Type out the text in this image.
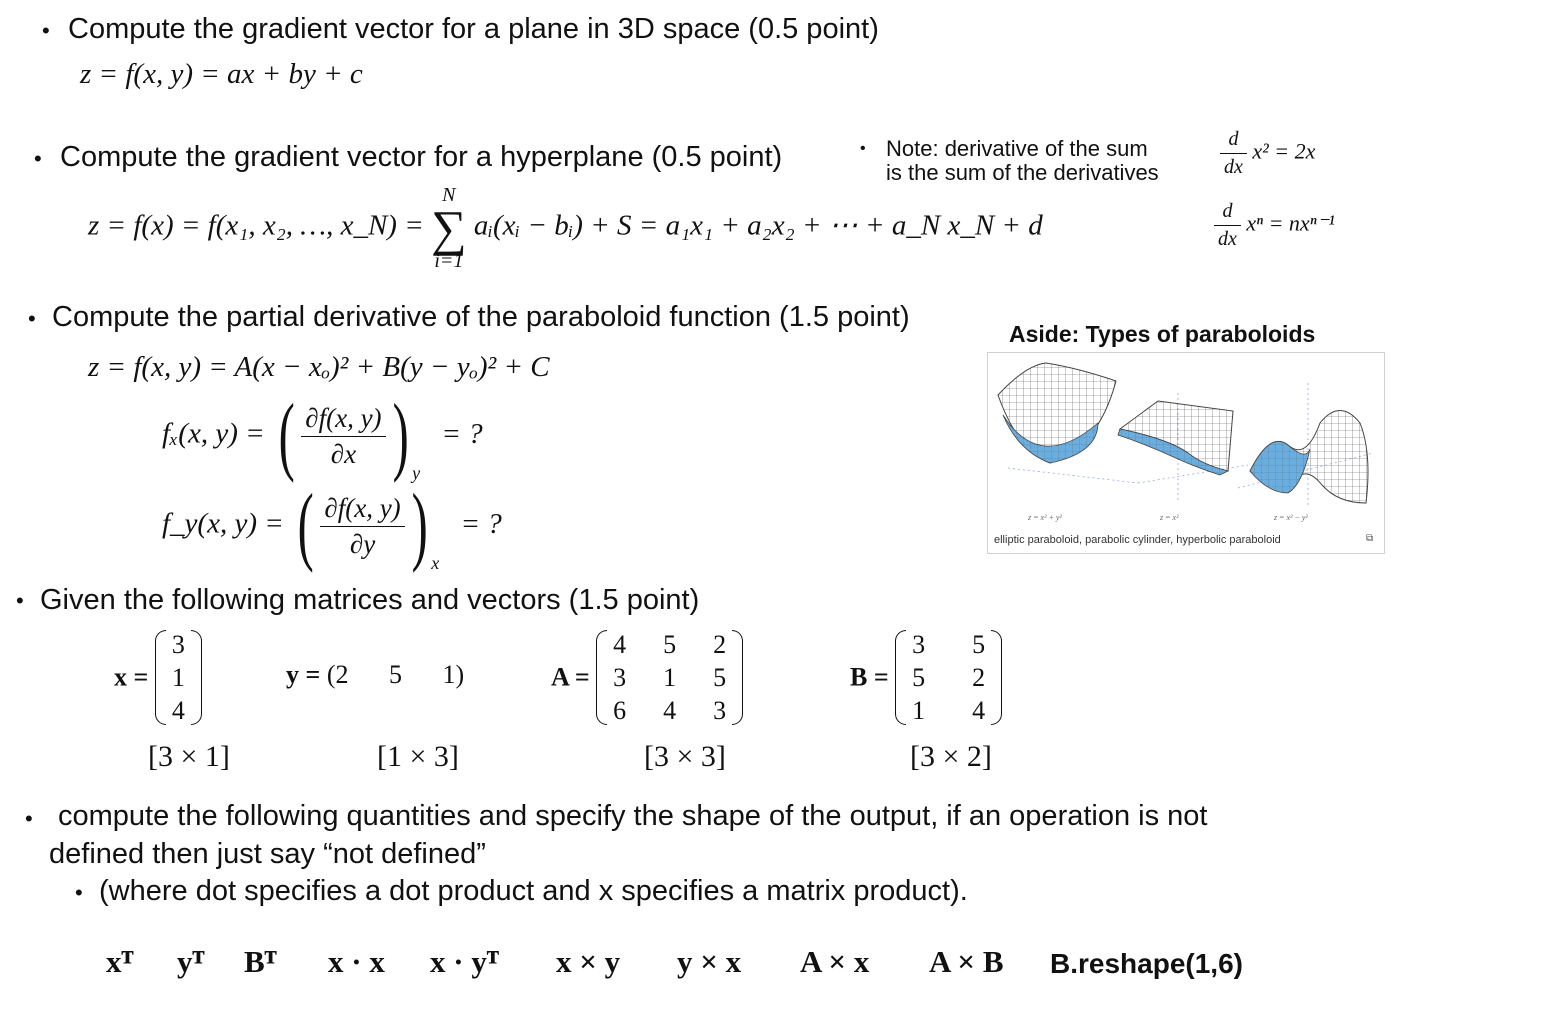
• Compute the gradient vector for a plane in 3D space (0.5 point)
z = f(x, y) = ax + by + c
• Compute the gradient vector for a hyperplane (0.5 point)	• Note: derivative of the sum
is the sum of the derivatives	$\frac{d}{dx} x^2 = 2x$
$\frac{d}{dx}$ xⁿ = nxⁿ⁻¹
z = f(x) = f(x₁, x₂, …, x_N) =
N
∑
i=1
aᵢ(xᵢ − bᵢ) + S = a₁x₁ + a₂x₂ + ⋯ + a_N x_N + d
• Compute the partial derivative of the paraboloid function (1.5 point)
z = f(x, y) = A(x − xₒ)² + B(y − yₒ)² + C
fₓ(x, y) = ( $\frac{\partial f(x, y)}{\partial x}$ ) $_y$ = ?
f_y(x, y) = ( $\frac{\partial f(x, y)}{\partial y}$ ) $_x$ = ?
Aside: Types of paraboloids
z = x² + y²	z = x²	z = x² − y²
elliptic paraboloid, parabolic cylinder, hyperbolic paraboloid	⧉
• Given the following matrices and vectors (1.5 point)
x =
3
1
4
y = (2 5 1)	A =
4	5	2
3	1	5
6	4	3
B =
3	5
5	2
1	4
[3 × 1]	[1 × 3]	[3 × 3]	[3 × 2]
• compute the following quantities and specify the shape of the output, if an operation is not
defined then just say “not defined”
• (where dot specifies a dot product and x specifies a matrix product).
xᵀ yᵀ Bᵀ x · x x · yᵀ x × y y × x A × x A × B B.reshape(1,6)
